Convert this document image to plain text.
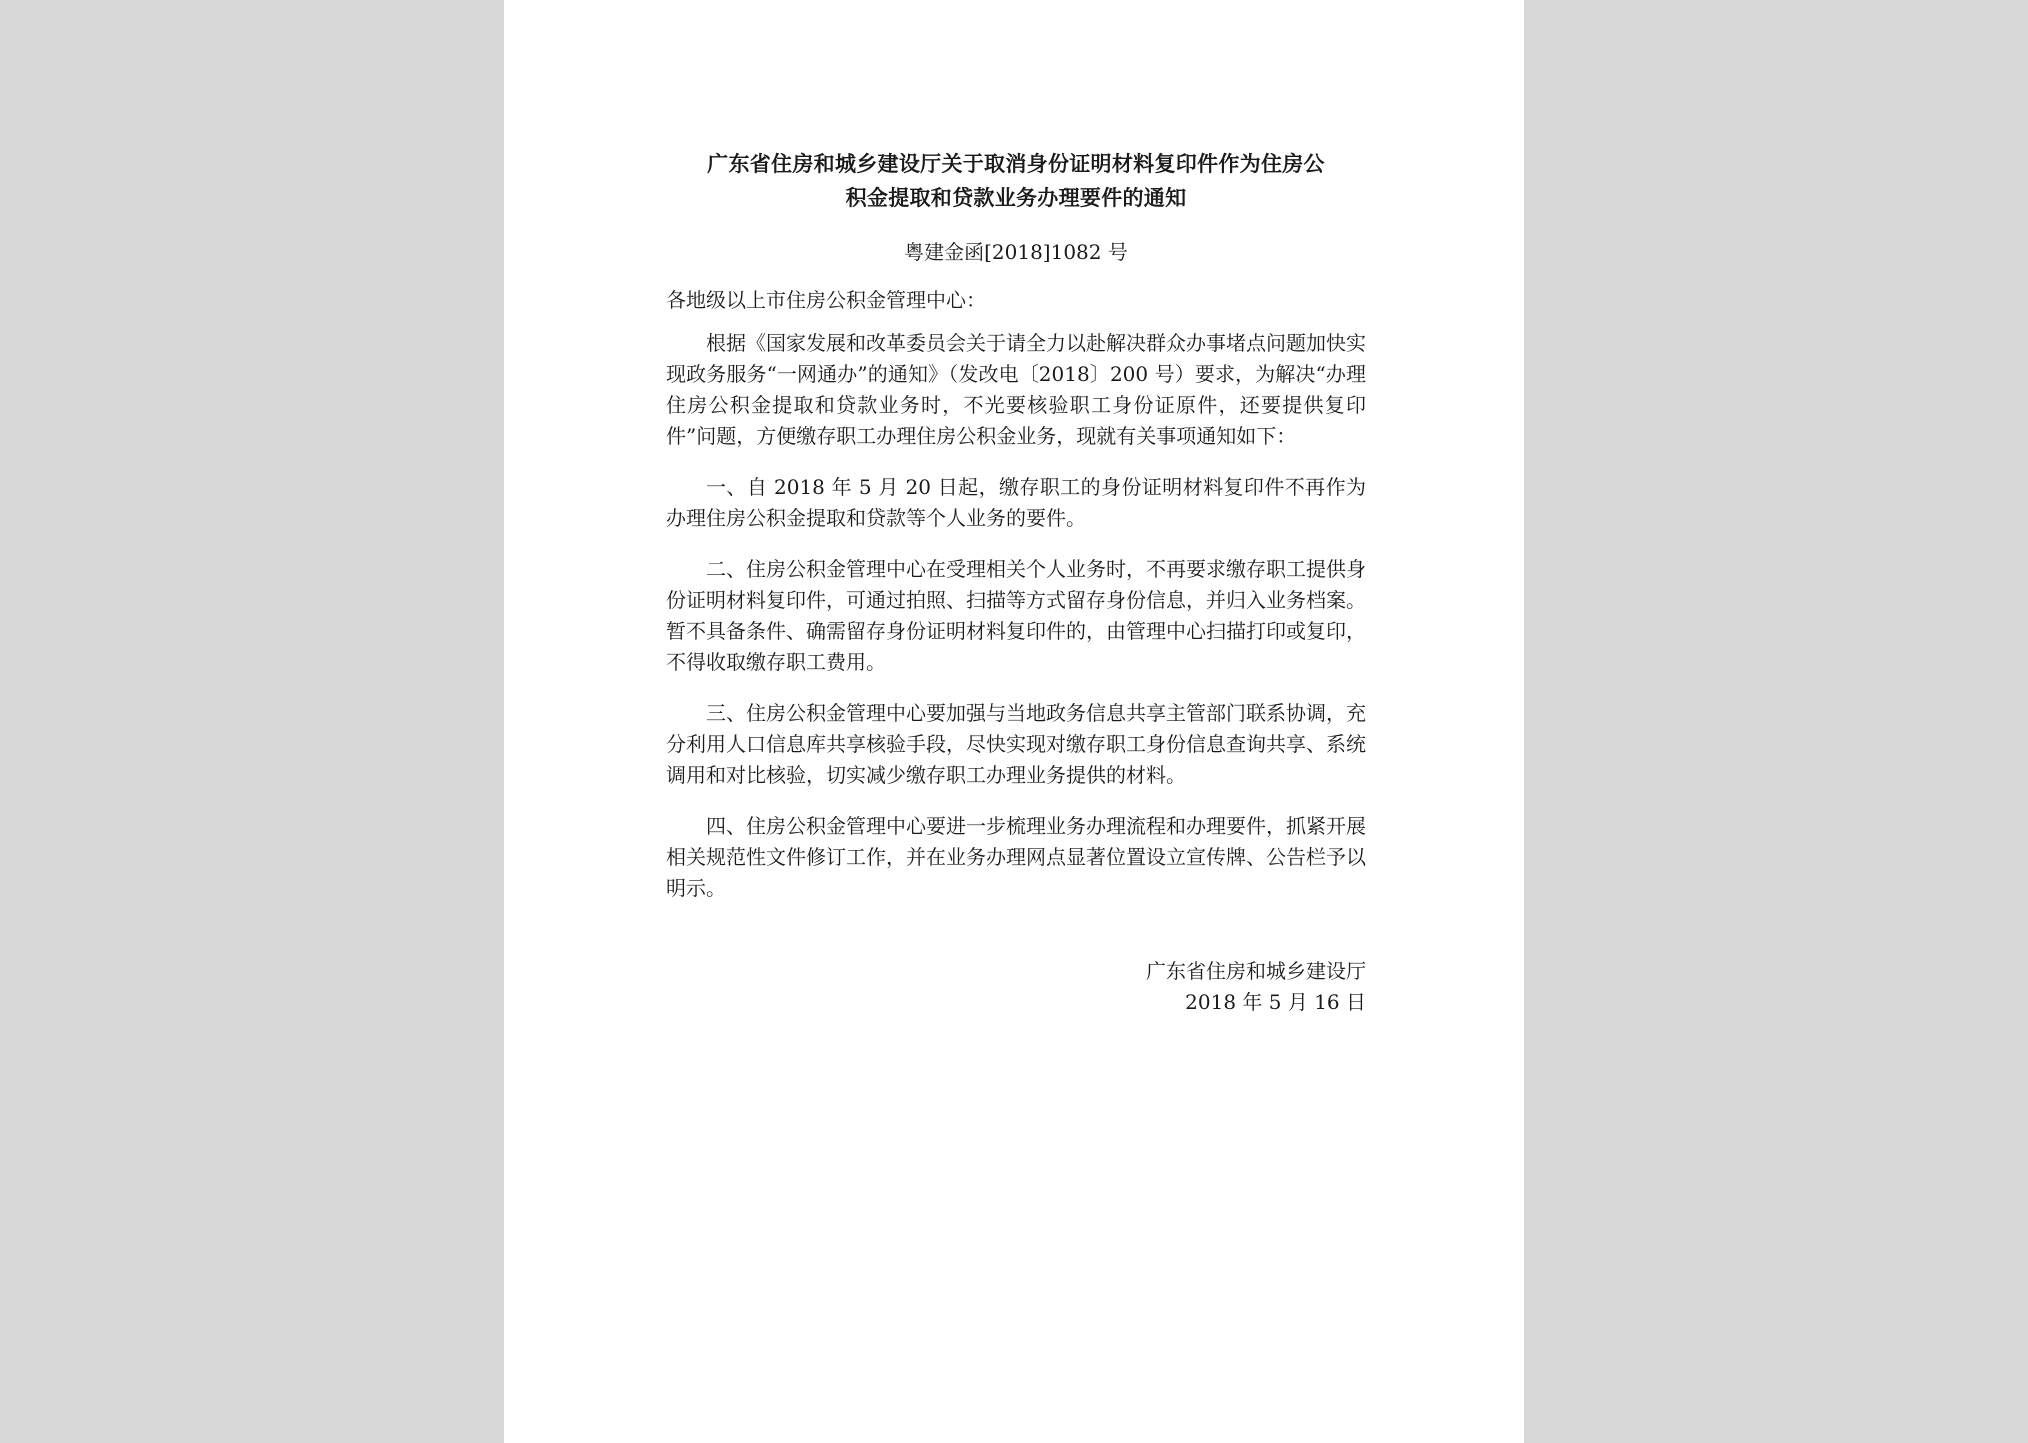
广东省住房和城乡建设厅关于取消身份证明材料复印件作为住房公
积金提取和贷款业务办理要件的通知
粤建金函[2018]1082 号
各地级以上市住房公积金管理中心：

根据《国家发展和改革委员会关于请全力以赴解决群众办事堵点问题加快实现政务服务“一网通办”的通知》（发改电〔2018〕200 号）要求，为解决“办理住房公积金提取和贷款业务时，不光要核验职工身份证原件，还要提供复印件”问题，方便缴存职工办理住房公积金业务，现就有关事项通知如下：

一、自 2018 年 5 月 20 日起，缴存职工的身份证明材料复印件不再作为办理住房公积金提取和贷款等个人业务的要件。

二、住房公积金管理中心在受理相关个人业务时，不再要求缴存职工提供身份证明材料复印件，可通过拍照、扫描等方式留存身份信息，并归入业务档案。暂不具备条件、确需留存身份证明材料复印件的，由管理中心扫描打印或复印，不得收取缴存职工费用。

三、住房公积金管理中心要加强与当地政务信息共享主管部门联系协调，充分利用人口信息库共享核验手段，尽快实现对缴存职工身份信息查询共享、系统调用和对比核验，切实减少缴存职工办理业务提供的材料。

四、住房公积金管理中心要进一步梳理业务办理流程和办理要件，抓紧开展相关规范性文件修订工作，并在业务办理网点显著位置设立宣传牌、公告栏予以明示。

广东省住房和城乡建设厅
2018 年 5 月 16 日
